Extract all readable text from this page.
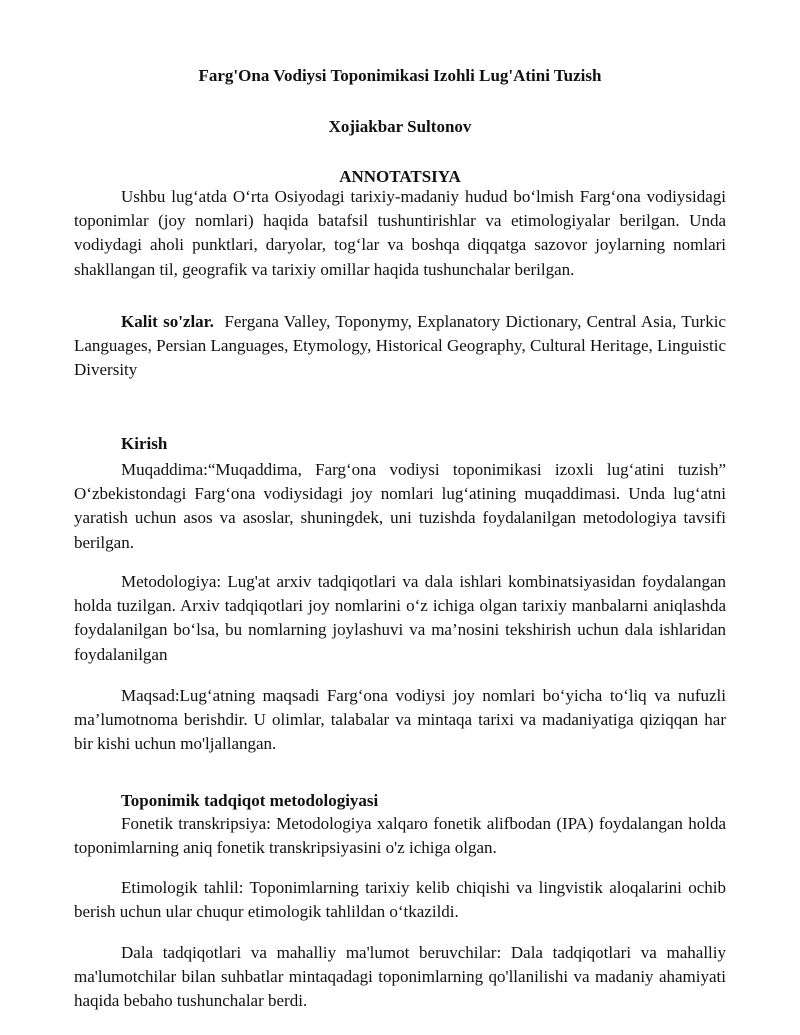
Farg'Ona Vodiysi Toponimikasi Izohli Lug'Atini Tuzish
Xojiakbar Sultonov
ANNOTATSIYA

Ushbu lug‘atda O‘rta Osiyodagi tarixiy-madaniy hudud bo‘lmish Farg‘ona vodiysidagi toponimlar (joy nomlari) haqida batafsil tushuntirishlar va etimologiyalar berilgan. Unda vodiydagi aholi punktlari, daryolar, tog‘lar va boshqa diqqatga sazovor joylarning nomlari shakllangan til, geografik va tarixiy omillar haqida tushunchalar berilgan.

Kalit so'zlar. Fergana Valley, Toponymy, Explanatory Dictionary, Central Asia, Turkic Languages, Persian Languages, Etymology, Historical Geography, Cultural Heritage, Linguistic Diversity

Kirish

Muqaddima:“Muqaddima, Farg‘ona vodiysi toponimikasi izoxli lug‘atini tuzish” O‘zbekistondagi Farg‘ona vodiysidagi joy nomlari lug‘atining muqaddimasi. Unda lug‘atni yaratish uchun asos va asoslar, shuningdek, uni tuzishda foydalanilgan metodologiya tavsifi berilgan.

Metodologiya: Lug'at arxiv tadqiqotlari va dala ishlari kombinatsiyasidan foydalangan holda tuzilgan. Arxiv tadqiqotlari joy nomlarini o‘z ichiga olgan tarixiy manbalarni aniqlashda foydalanilgan bo‘lsa, bu nomlarning joylashuvi va ma’nosini tekshirish uchun dala ishlaridan foydalanilgan

Maqsad:Lug‘atning maqsadi Farg‘ona vodiysi joy nomlari bo‘yicha to‘liq va nufuzli ma’lumotnoma berishdir. U olimlar, talabalar va mintaqa tarixi va madaniyatiga qiziqqan har bir kishi uchun mo'ljallangan.

Toponimik tadqiqot metodologiyasi

Fonetik transkripsiya: Metodologiya xalqaro fonetik alifbodan (IPA) foydalangan holda toponimlarning aniq fonetik transkripsiyasini o'z ichiga olgan.

Etimologik tahlil: Toponimlarning tarixiy kelib chiqishi va lingvistik aloqalarini ochib berish uchun ular chuqur etimologik tahlildan o‘tkazildi.

Dala tadqiqotlari va mahalliy ma'lumot beruvchilar: Dala tadqiqotlari va mahalliy ma'lumotchilar bilan suhbatlar mintaqadagi toponimlarning qo'llanilishi va madaniy ahamiyati haqida bebaho tushunchalar berdi.
